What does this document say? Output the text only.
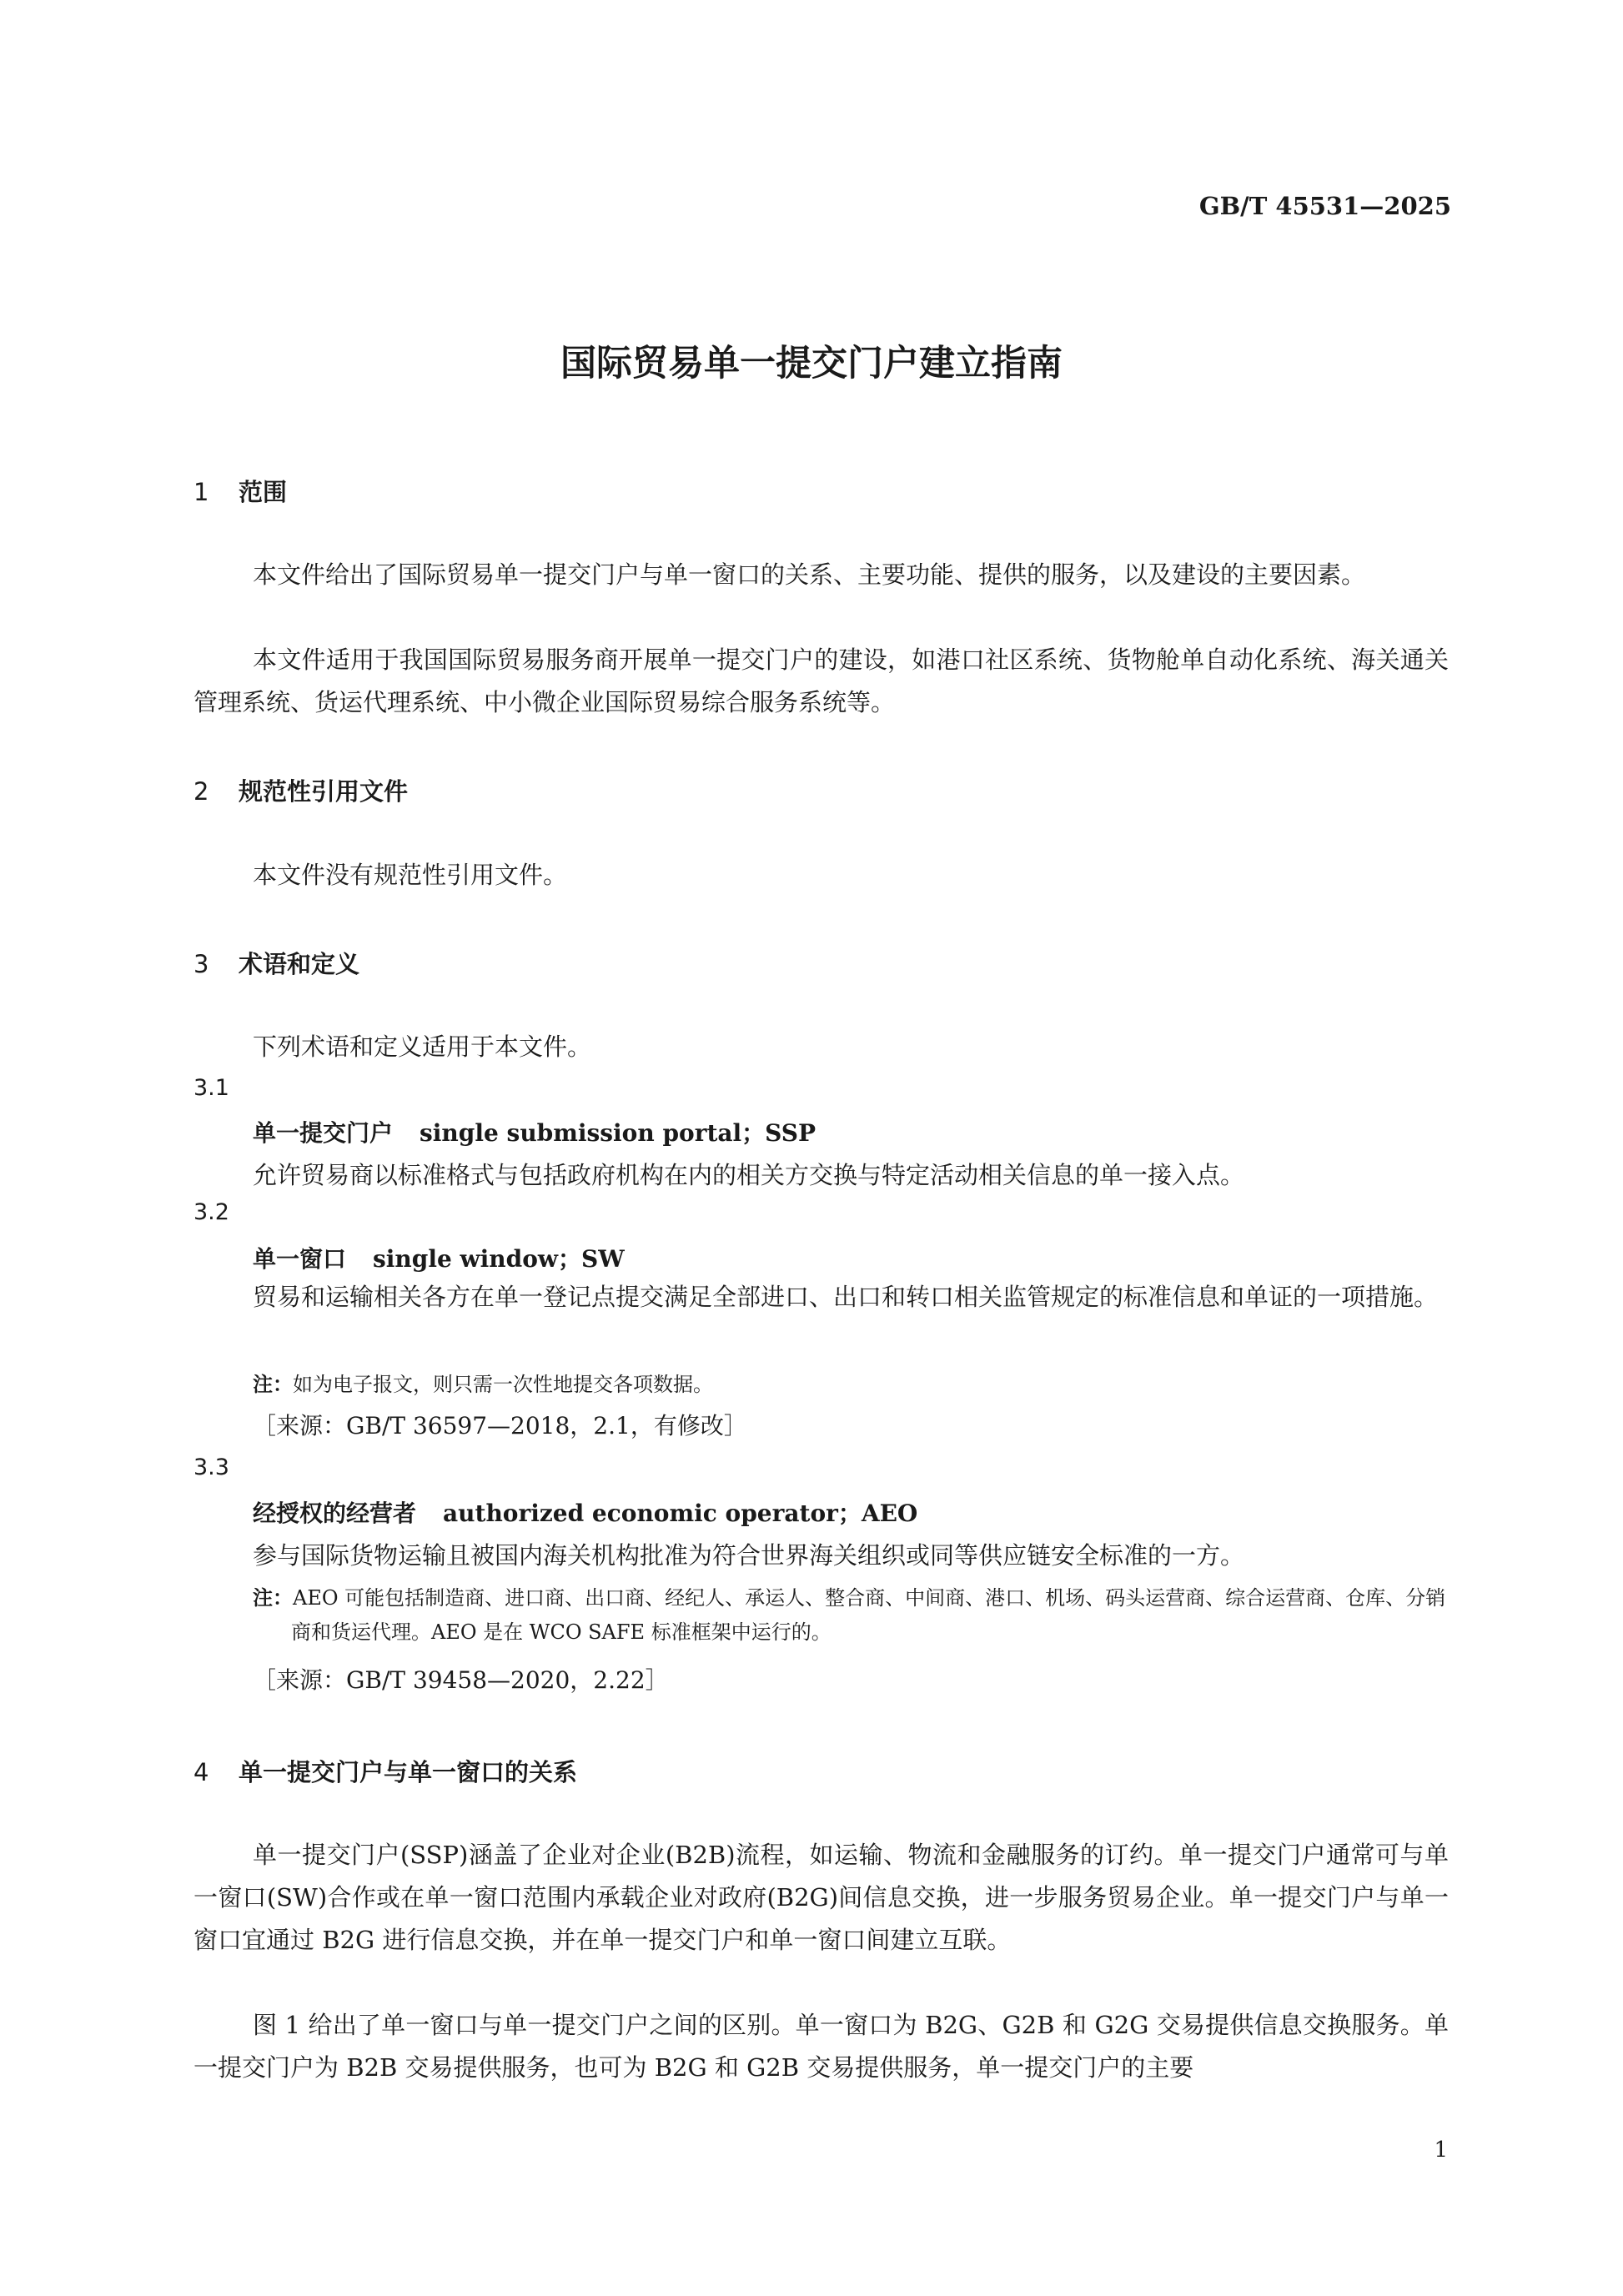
GB/T 45531—2025
国际贸易单一提交门户建立指南
1 范围
本文件给出了国际贸易单一提交门户与单一窗口的关系、主要功能、提供的服务，以及建设的主要因素。
本文件适用于我国国际贸易服务商开展单一提交门户的建设，如港口社区系统、货物舱单自动化系统、海关通关管理系统、货运代理系统、中小微企业国际贸易综合服务系统等。
2 规范性引用文件
本文件没有规范性引用文件。
3 术语和定义
下列术语和定义适用于本文件。
3.1
单一提交门户 single submission portal；SSP
允许贸易商以标准格式与包括政府机构在内的相关方交换与特定活动相关信息的单一接入点。
3.2
单一窗口 single window；SW
贸易和运输相关各方在单一登记点提交满足全部进口、出口和转口相关监管规定的标准信息和单证的一项措施。
注：如为电子报文，则只需一次性地提交各项数据。
［来源：GB/T 36597—2018，2.1，有修改］
3.3
经授权的经营者 authorized economic operator；AEO
参与国际货物运输且被国内海关机构批准为符合世界海关组织或同等供应链安全标准的一方。
注：AEO 可能包括制造商、进口商、出口商、经纪人、承运人、整合商、中间商、港口、机场、码头运营商、综合运营商、仓库、分销商和货运代理。AEO 是在 WCO SAFE 标准框架中运行的。
［来源：GB/T 39458—2020，2.22］
4 单一提交门户与单一窗口的关系
单一提交门户(SSP)涵盖了企业对企业(B2B)流程，如运输、物流和金融服务的订约。单一提交门户通常可与单一窗口(SW)合作或在单一窗口范围内承载企业对政府(B2G)间信息交换，进一步服务贸易企业。单一提交门户与单一窗口宜通过 B2G 进行信息交换，并在单一提交门户和单一窗口间建立互联。
图 1 给出了单一窗口与单一提交门户之间的区别。单一窗口为 B2G、G2B 和 G2G 交易提供信息交换服务。单一提交门户为 B2B 交易提供服务，也可为 B2G 和 G2B 交易提供服务，单一提交门户的主要
1
